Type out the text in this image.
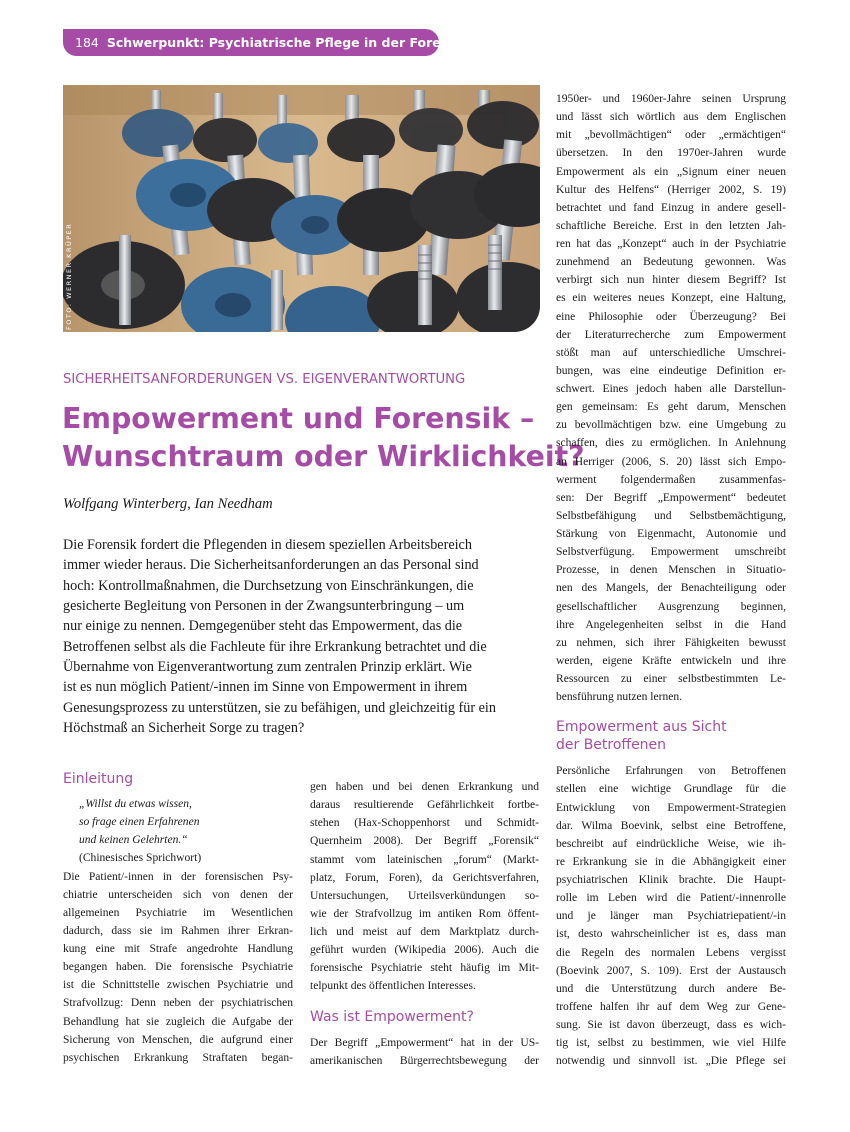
184 Schwerpunkt: Psychiatrische Pflege in der Forensik
FOTO: WERNER KRÜPER
SICHERHEITSANFORDERUNGEN VS. EIGENVERANTWORTUNG
Empowerment und Forensik –
Wunschtraum oder Wirklichkeit?
Wolfgang Winterberg, Ian Needham
Die Forensik fordert die Pflegenden in diesem speziellen Arbeitsbereich
immer wieder heraus. Die Sicherheitsanforderungen an das Personal sind
hoch: Kontrollmaßnahmen, die Durchsetzung von Einschränkungen, die
gesicherte Begleitung von Personen in der Zwangsunterbringung – um
nur einige zu nennen. Demgegenüber steht das Empowerment, das die
Betroffenen selbst als die Fachleute für ihre Erkrankung betrachtet und die
Übernahme von Eigenverantwortung zum zentralen Prinzip erklärt. Wie
ist es nun möglich Patient/-innen im Sinne von Empowerment in ihrem
Genesungsprozess zu unterstützen, sie zu befähigen, und gleichzeitig für ein
Höchstmaß an Sicherheit Sorge zu tragen?
Einleitung
„Willst du etwas wissen,
so frage einen Erfahrenen
und keinen Gelehrten.“
(Chinesisches Sprichwort)
Die Patient/-innen in der forensischen Psy-
chiatrie unterscheiden sich von denen der
allgemeinen Psychiatrie im Wesentlichen
dadurch, dass sie im Rahmen ihrer Erkran-
kung eine mit Strafe angedrohte Handlung
begangen haben. Die forensische Psychiatrie
ist die Schnittstelle zwischen Psychiatrie und
Strafvollzug: Denn neben der psychiatrischen
Behandlung hat sie zugleich die Aufgabe der
Sicherung von Menschen, die aufgrund einer
psychischen Erkrankung Straftaten began-
gen haben und bei denen Erkrankung und
daraus resultierende Gefährlichkeit fortbe-
stehen (Hax-Schoppenhorst und Schmidt-
Quernheim 2008). Der Begriff „Forensik“
stammt vom lateinischen „forum“ (Markt-
platz, Forum, Foren), da Gerichtsverfahren,
Untersuchungen, Urteilsverkündungen so-
wie der Strafvollzug im antiken Rom öffent-
lich und meist auf dem Marktplatz durch-
geführt wurden (Wikipedia 2006). Auch die
forensische Psychiatrie steht häufig im Mit-
telpunkt des öffentlichen Interesses.
Was ist Empowerment?
Der Begriff „Empowerment“ hat in der US-
amerikanischen Bürgerrechtsbewegung der
1950er- und 1960er-Jahre seinen Ursprung
und lässt sich wörtlich aus dem Englischen
mit „bevollmächtigen“ oder „ermächtigen“
übersetzen. In den 1970er-Jahren wurde
Empowerment als ein „Signum einer neuen
Kultur des Helfens“ (Herriger 2002, S. 19)
betrachtet und fand Einzug in andere gesell-
schaftliche Bereiche. Erst in den letzten Jah-
ren hat das „Konzept“ auch in der Psychiatrie
zunehmend an Bedeutung gewonnen. Was
verbirgt sich nun hinter diesem Begriff? Ist
es ein weiteres neues Konzept, eine Haltung,
eine Philosophie oder Überzeugung? Bei
der Literaturrecherche zum Empowerment
stößt man auf unterschiedliche Umschrei-
bungen, was eine eindeutige Definition er-
schwert. Eines jedoch haben alle Darstellun-
gen gemeinsam: Es geht darum, Menschen
zu bevollmächtigen bzw. eine Umgebung zu
schaffen, dies zu ermöglichen. In Anlehnung
an Herriger (2006, S. 20) lässt sich Empo-
werment folgendermaßen zusammenfas-
sen: Der Begriff „Empowerment“ bedeutet
Selbstbefähigung und Selbstbemächtigung,
Stärkung von Eigenmacht, Autonomie und
Selbstverfügung. Empowerment umschreibt
Prozesse, in denen Menschen in Situatio-
nen des Mangels, der Benachteiligung oder
gesellschaftlicher Ausgrenzung beginnen,
ihre Angelegenheiten selbst in die Hand
zu nehmen, sich ihrer Fähigkeiten bewusst
werden, eigene Kräfte entwickeln und ihre
Ressourcen zu einer selbstbestimmten Le-
bensführung nutzen lernen.
Empowerment aus Sicht
der Betroffenen
Persönliche Erfahrungen von Betroffenen
stellen eine wichtige Grundlage für die
Entwicklung von Empowerment-Strategien
dar. Wilma Boevink, selbst eine Betroffene,
beschreibt auf eindrückliche Weise, wie ih-
re Erkrankung sie in die Abhängigkeit einer
psychiatrischen Klinik brachte. Die Haupt-
rolle im Leben wird die Patient/-innenrolle
und je länger man Psychiatriepatient/-in
ist, desto wahrscheinlicher ist es, dass man
die Regeln des normalen Lebens vergisst
(Boevink 2007, S. 109). Erst der Austausch
und die Unterstützung durch andere Be-
troffene halfen ihr auf dem Weg zur Gene-
sung. Sie ist davon überzeugt, dass es wich-
tig ist, selbst zu bestimmen, wie viel Hilfe
notwendig und sinnvoll ist. „Die Pflege sei
